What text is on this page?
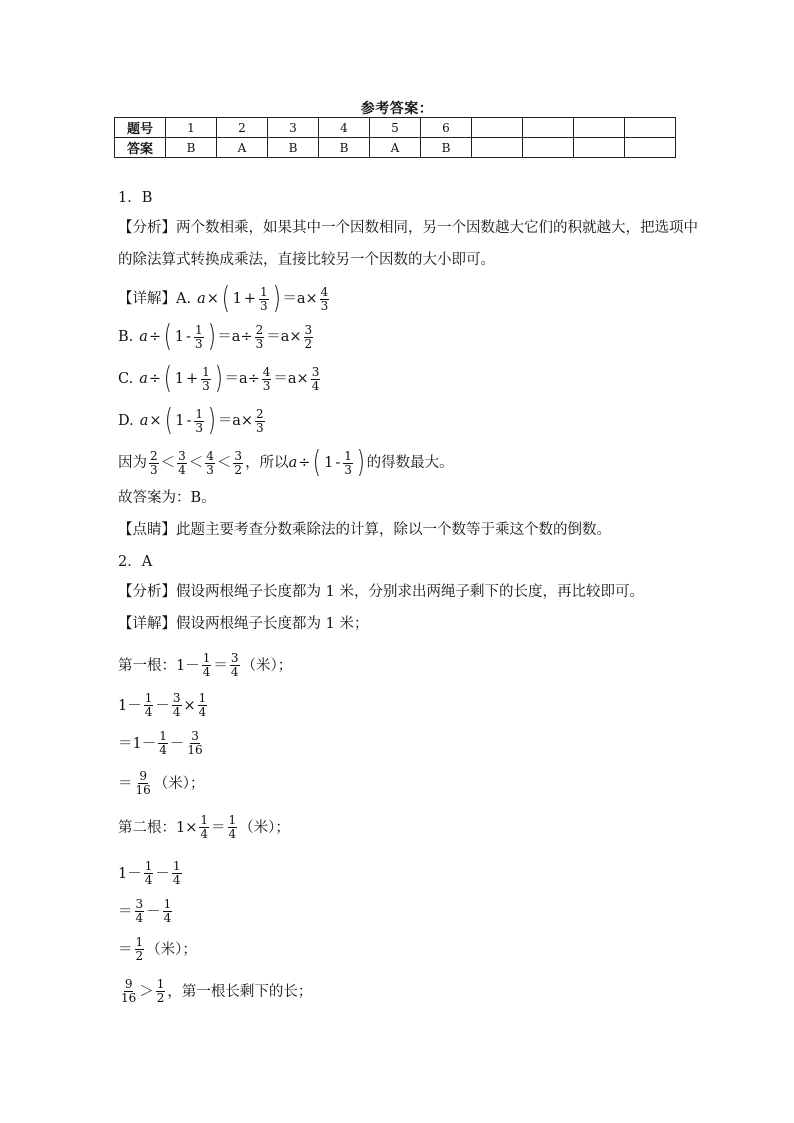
参考答案：
题号	1	2	3	4	5	6				
答案	B	A	B	B	A	B				
1．B
【分析】两个数相乘，如果其中一个因数相同，另一个因数越大它们的积就越大，把选项中
的除法算式转换成乘法，直接比较另一个因数的大小即可。
【详解】A. a × ( $1 + \frac{1}{3}$ ) $=a\times \frac{4}{3}$
B. a ÷ ( $1 - \frac{1}{3}$ ) $=a\div \frac{2}{3} =a\times \frac{3}{2}$
C. a ÷ ( $1 + \frac{1}{3}$ ) $=a\div \frac{4}{3} =a\times \frac{3}{4}$
D. a × ( $1 - \frac{1}{3}$ ) $=a\times \frac{2}{3}$
因为 $\frac{2}{3} < \frac{3}{4} < \frac{4}{3} < \frac{3}{2}$ ，所以 a ÷ ( $1 - \frac{1}{3}$ ) 的得数最大。
故答案为：B。
【点睛】此题主要考查分数乘除法的计算，除以一个数等于乘这个数的倒数。
2．A
【分析】假设两根绳子长度都为 1 米，分别求出两绳子剩下的长度，再比较即可。
【详解】假设两根绳子长度都为 1 米；
第一根：$1- \frac{1}{4} = \frac{3}{4}$ （米）；
$1- \frac{1}{4} - \frac{3}{4} \times \frac{1}{4}$
$=1- \frac{1}{4} - \frac{3}{16}$
＝ $\frac{9}{16}$ （米）；
第二根：$1\times \frac{1}{4} = \frac{1}{4}$ （米）；
$1- \frac{1}{4} - \frac{1}{4}$
＝ $\frac{3}{4} - \frac{1}{4}$
＝ $\frac{1}{2}$ （米）；
$\frac{9}{16} > \frac{1}{2}$ ，第一根长剩下的长；
